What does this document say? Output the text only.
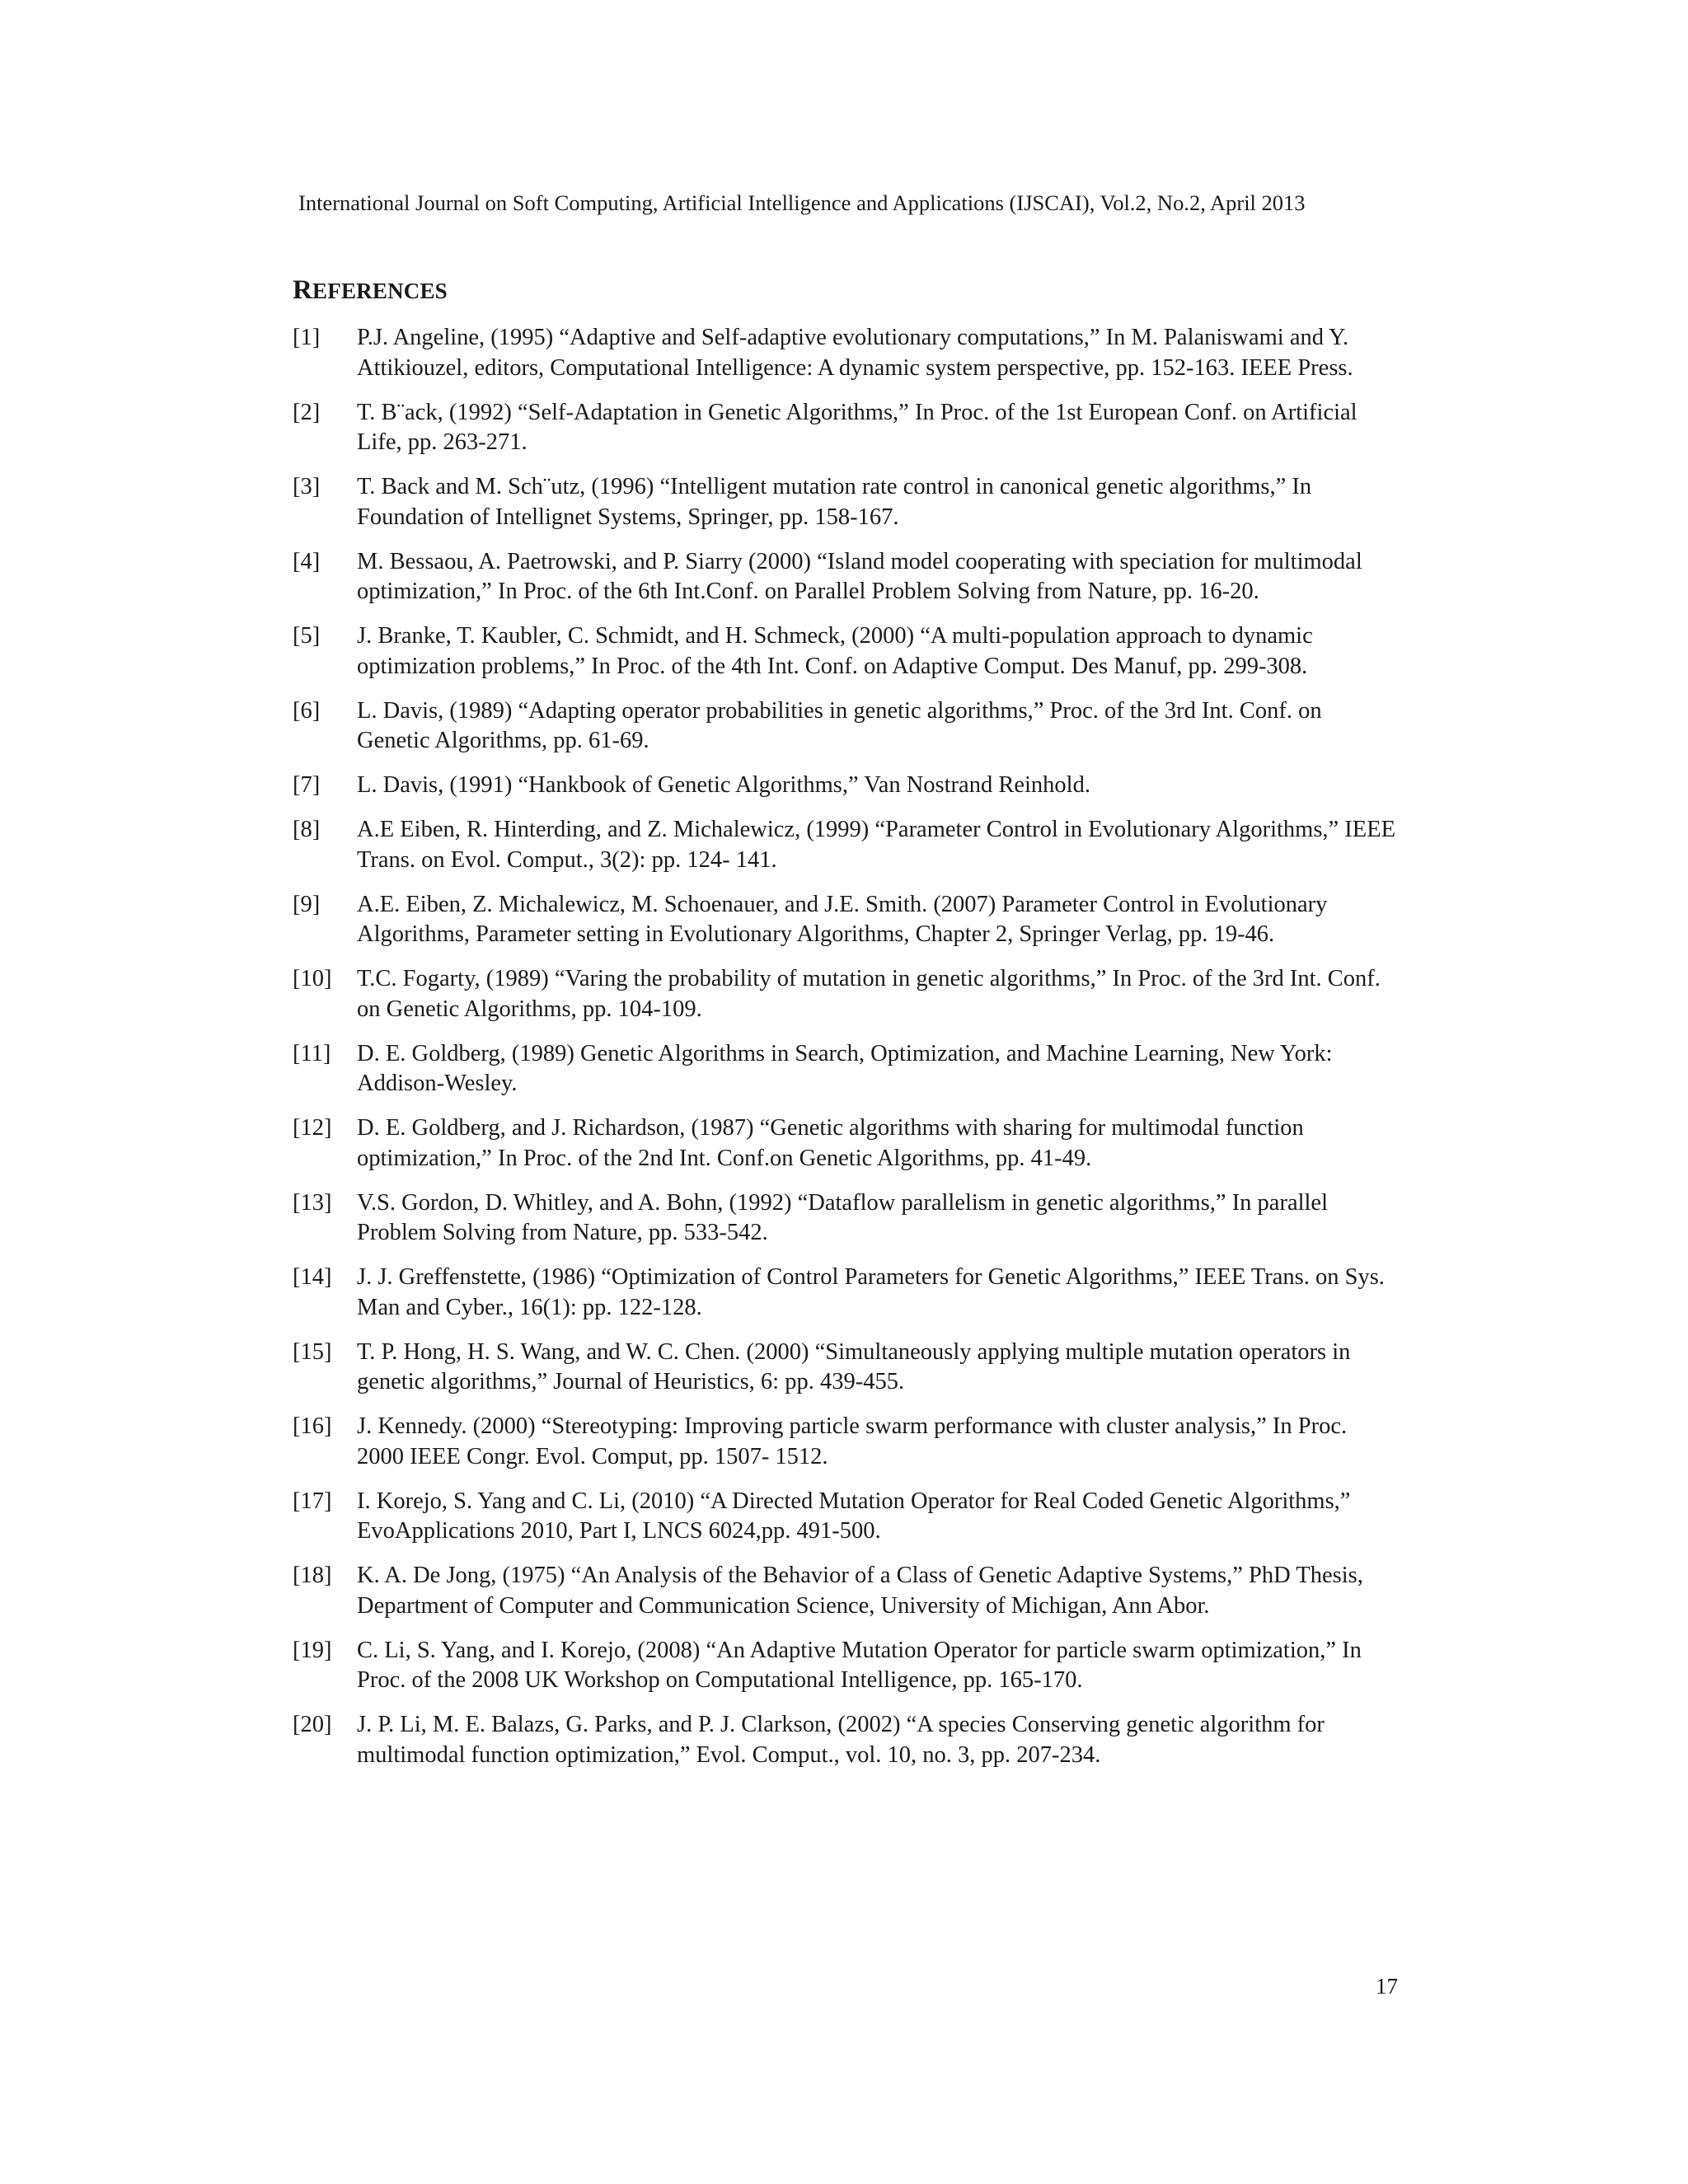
International Journal on Soft Computing, Artificial Intelligence and Applications (IJSCAI), Vol.2, No.2, April 2013
REFERENCES
[1]	P.J. Angeline, (1995) “Adaptive and Self-adaptive evolutionary computations,” In M. Palaniswami and Y. Attikiouzel, editors, Computational Intelligence: A dynamic system perspective, pp. 152-163. IEEE Press.
[2]	T. B¨ack, (1992) “Self-Adaptation in Genetic Algorithms,” In Proc. of the 1st European Conf. on Artificial Life, pp. 263-271.
[3]	T. Back and M. Sch¨utz, (1996) “Intelligent mutation rate control in canonical genetic algorithms,” In Foundation of Intellignet Systems, Springer, pp. 158-167.
[4]	M. Bessaou, A. Paetrowski, and P. Siarry (2000) “Island model cooperating with speciation for multimodal optimization,” In Proc. of the 6th Int.Conf. on Parallel Problem Solving from Nature, pp. 16-20.
[5]	J. Branke, T. Kaubler, C. Schmidt, and H. Schmeck, (2000) “A multi-population approach to dynamic optimization problems,” In Proc. of the 4th Int. Conf. on Adaptive Comput. Des Manuf, pp. 299-308.
[6]	L. Davis, (1989) “Adapting operator probabilities in genetic algorithms,” Proc. of the 3rd Int. Conf. on Genetic Algorithms, pp. 61-69.
[7]	L. Davis, (1991) “Hankbook of Genetic Algorithms,” Van Nostrand Reinhold.
[8]	A.E Eiben, R. Hinterding, and Z. Michalewicz, (1999) “Parameter Control in Evolutionary Algorithms,” IEEE Trans. on Evol. Comput., 3(2): pp. 124- 141.
[9]	A.E. Eiben, Z. Michalewicz, M. Schoenauer, and J.E. Smith. (2007) Parameter Control in Evolutionary Algorithms, Parameter setting in Evolutionary Algorithms, Chapter 2, Springer Verlag, pp. 19-46.
[10]	T.C. Fogarty, (1989) “Varing the probability of mutation in genetic algorithms,” In Proc. of the 3rd Int. Conf. on Genetic Algorithms, pp. 104-109.
[11]	D. E. Goldberg, (1989) Genetic Algorithms in Search, Optimization, and Machine Learning, New York: Addison-Wesley.
[12]	D. E. Goldberg, and J. Richardson, (1987) “Genetic algorithms with sharing for multimodal function optimization,” In Proc. of the 2nd Int. Conf.on Genetic Algorithms, pp. 41-49.
[13]	V.S. Gordon, D. Whitley, and A. Bohn, (1992) “Dataflow parallelism in genetic algorithms,” In parallel Problem Solving from Nature, pp. 533-542.
[14]	J. J. Greffenstette, (1986) “Optimization of Control Parameters for Genetic Algorithms,” IEEE Trans. on Sys. Man and Cyber., 16(1): pp. 122-128.
[15]	T. P. Hong, H. S. Wang, and W. C. Chen. (2000) “Simultaneously applying multiple mutation operators in genetic algorithms,” Journal of Heuristics, 6: pp. 439-455.
[16]	J. Kennedy. (2000) “Stereotyping: Improving particle swarm performance with cluster analysis,” In Proc. 2000 IEEE Congr. Evol. Comput, pp. 1507- 1512.
[17]	I. Korejo, S. Yang and C. Li, (2010) “A Directed Mutation Operator for Real Coded Genetic Algorithms,” EvoApplications 2010, Part I, LNCS 6024,pp. 491-500.
[18]	K. A. De Jong, (1975) “An Analysis of the Behavior of a Class of Genetic Adaptive Systems,” PhD Thesis, Department of Computer and Communication Science, University of Michigan, Ann Abor.
[19]	C. Li, S. Yang, and I. Korejo, (2008) “An Adaptive Mutation Operator for particle swarm optimization,” In Proc. of the 2008 UK Workshop on Computational Intelligence, pp. 165-170.
[20]	J. P. Li, M. E. Balazs, G. Parks, and P. J. Clarkson, (2002) “A species Conserving genetic algorithm for multimodal function optimization,” Evol. Comput., vol. 10, no. 3, pp. 207-234.
17
